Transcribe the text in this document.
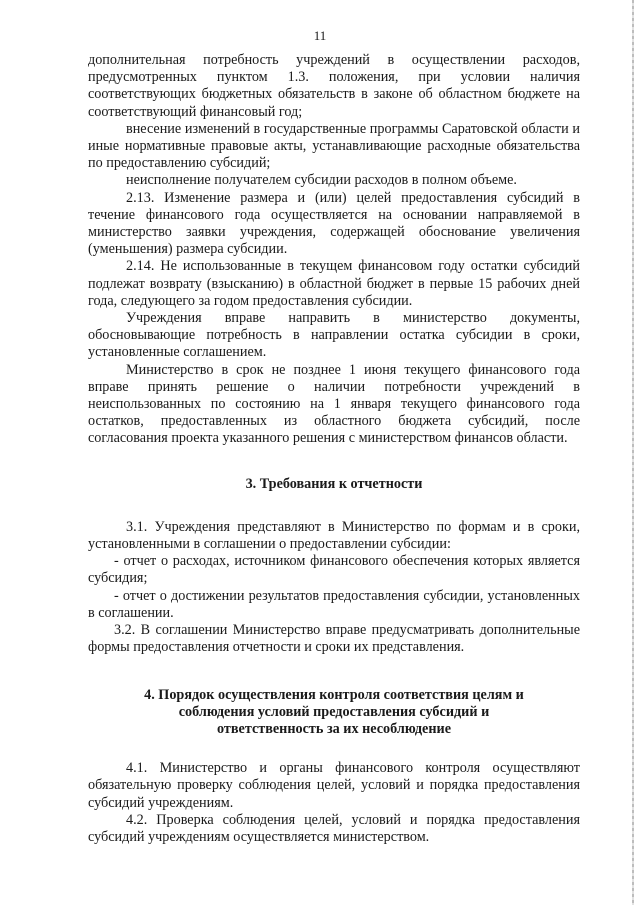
11

дополнительная потребность учреждений в осуществлении расходов, предусмотренных пунктом 1.3. положения, при условии наличия соответствующих бюджетных обязательств в законе об областном бюджете на соответствующий финансовый год;

внесение изменений в государственные программы Саратовской области и иные нормативные правовые акты, устанавливающие расходные обязательства по предоставлению субсидий;

неисполнение получателем субсидии расходов в полном объеме.

2.13. Изменение размера и (или) целей предоставления субсидий в течение финансового года осуществляется на основании направляемой в министерство заявки учреждения, содержащей обоснование увеличения (уменьшения) размера субсидии.

2.14. Не использованные в текущем финансовом году остатки субсидий подлежат возврату (взысканию) в областной бюджет в первые 15 рабочих дней года, следующего за годом предоставления субсидии.

Учреждения вправе направить в министерство документы, обосновывающие потребность в направлении остатка субсидии в сроки, установленные соглашением.

Министерство в срок не позднее 1 июня текущего финансового года вправе принять решение о наличии потребности учреждений в неиспользованных по состоянию на 1 января текущего финансового года остатков, предоставленных из областного бюджета субсидий, после согласования проекта указанного решения с министерством финансов области.

3. Требования к отчетности

3.1. Учреждения представляют в Министерство по формам и в сроки, установленными в соглашении о предоставлении субсидии:

- отчет о расходах, источником финансового обеспечения которых является субсидия;

- отчет о достижении результатов предоставления субсидии, установленных в соглашении.

3.2. В соглашении Министерство вправе предусматривать дополнительные формы предоставления отчетности и сроки их представления.

4. Порядок осуществления контроля соответствия целям и
соблюдения условий предоставления субсидий и
ответственность за их несоблюдение

4.1. Министерство и органы финансового контроля осуществляют обязательную проверку соблюдения целей, условий и порядка предоставления субсидий учреждениям.

4.2. Проверка соблюдения целей, условий и порядка предоставления субсидий учреждениям осуществляется министерством.
